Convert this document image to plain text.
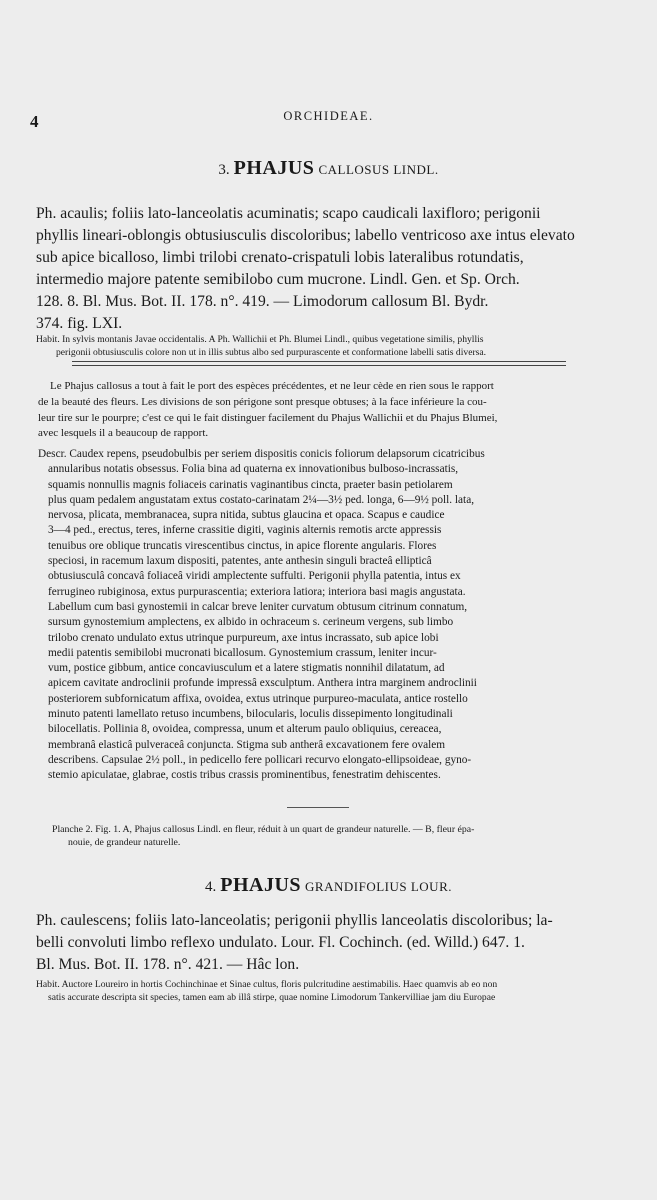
4	ORCHIDEAE.
3. PHAJUS CALLOSUS LINDL.
Ph. acaulis; foliis lato-lanceolatis acuminatis; scapo caudicali laxifloro; perigonii
phyllis lineari-oblongis obtusiusculis discoloribus; labello ventricoso axe intus elevato
sub apice bicalloso, limbi trilobi crenato-crispatuli lobis lateralibus rotundatis,
intermedio majore patente semibilobo cum mucrone. Lindl. Gen. et Sp. Orch.
128. 8. Bl. Mus. Bot. II. 178. n°. 419. — Limodorum callosum Bl. Bydr.
374. fig. LXI.
Habit. In sylvis montanis Javae occidentalis. A Ph. Wallichii et Ph. Blumei Lindl., quibus vegetatione similis, phyllis
perigonii obtusiusculis colore non ut in illis subtus albo sed purpurascente et conformatione labelli satis diversa.
Le Phajus callosus a tout à fait le port des espèces précédentes, et ne leur cède en rien sous le rapport
de la beauté des fleurs. Les divisions de son périgone sont presque obtuses; à la face inférieure la cou-
leur tire sur le pourpre; c'est ce qui le fait distinguer facilement du Phajus Wallichii et du Phajus Blumei,
avec lesquels il a beaucoup de rapport.
Descr. Caudex repens, pseudobulbis per seriem dispositis conicis foliorum delapsorum cicatricibus
annularibus notatis obsessus. Folia bina ad quaterna ex innovationibus bulboso-incrassatis,
squamis nonnullis magnis foliaceis carinatis vaginantibus cincta, praeter basin petiolarem
plus quam pedalem angustatam extus costato-carinatam 2¼—3½ ped. longa, 6—9½ poll. lata,
nervosa, plicata, membranacea, supra nitida, subtus glaucina et opaca. Scapus e caudice
3—4 ped., erectus, teres, inferne crassitie digiti, vaginis alternis remotis arcte appressis
tenuibus ore oblique truncatis virescentibus cinctus, in apice florente angularis. Flores
speciosi, in racemum laxum dispositi, patentes, ante anthesin singuli bracteâ ellipticâ
obtusiusculâ concavâ foliaceâ viridi amplectente suffulti. Perigonii phylla patentia, intus ex
ferrugineo rubiginosa, extus purpurascentia; exteriora latiora; interiora basi magis angustata.
Labellum cum basi gynostemii in calcar breve leniter curvatum obtusum citrinum connatum,
sursum gynostemium amplectens, ex albido in ochraceum s. cerineum vergens, sub limbo
trilobo crenato undulato extus utrinque purpureum, axe intus incrassato, sub apice lobi
medii patentis semibilobi mucronati bicallosum. Gynostemium crassum, leniter incur-
vum, postice gibbum, antice concaviusculum et a latere stigmatis nonnihil dilatatum, ad
apicem cavitate androclinii profunde impressâ exsculptum. Anthera intra marginem androclinii
posteriorem subfornicatum affixa, ovoidea, extus utrinque purpureo-maculata, antice rostello
minuto patenti lamellato retuso incumbens, bilocularis, loculis dissepimento longitudinali
bilocellatis. Pollinia 8, ovoidea, compressa, unum et alterum paulo obliquius, cereacea,
membranâ elasticâ pulveraceâ conjuncta. Stigma sub antherâ excavationem fere ovalem
describens. Capsulae 2½ poll., in pedicello fere pollicari recurvo elongato-ellipsoideae, gyno-
stemio apiculatae, glabrae, costis tribus crassis prominentibus, fenestratim dehiscentes.
Planche 2. Fig. 1. A, Phajus callosus Lindl. en fleur, réduit à un quart de grandeur naturelle. — B, fleur épa-
nouie, de grandeur naturelle.
4. PHAJUS GRANDIFOLIUS LOUR.
Ph. caulescens; foliis lato-lanceolatis; perigonii phyllis lanceolatis discoloribus; la-
belli convoluti limbo reflexo undulato. Lour. Fl. Cochinch. (ed. Willd.) 647. 1.
Bl. Mus. Bot. II. 178. n°. 421. — Hâc lon.
Habit. Auctore Loureiro in hortis Cochinchinae et Sinae cultus, floris pulcritudine aestimabilis. Haec quamvis ab eo non
satis accurate descripta sit species, tamen eam ab illâ stirpe, quae nomine Limodorum Tankervilliae jam diu Europae
